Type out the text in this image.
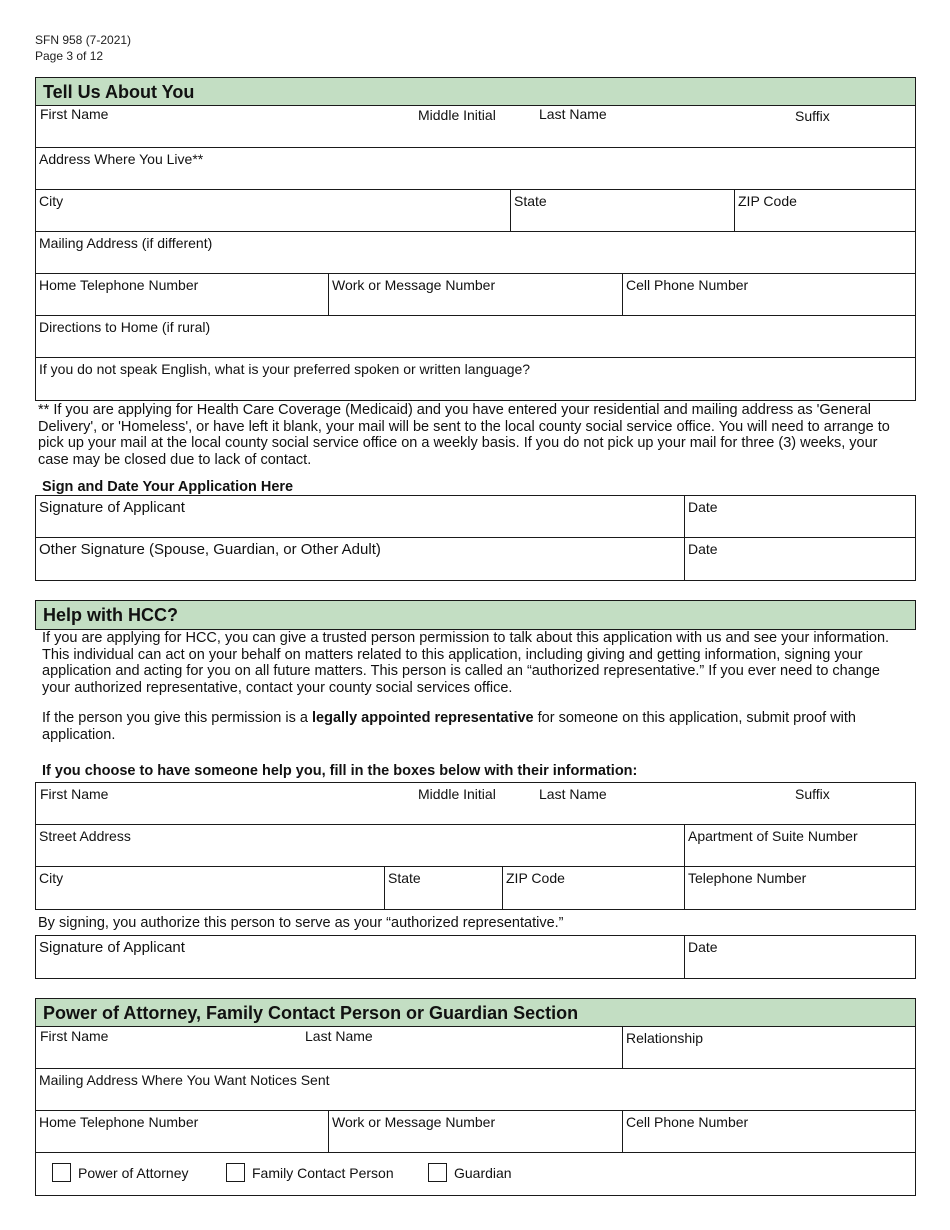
SFN 958 (7-2021)
Page 3 of 12
Tell Us About You
First Name	Middle Initial	Last Name	Suffix
Address Where You Live**
City	State	ZIP Code
Mailing Address (if different)
Home Telephone Number	Work or Message Number	Cell Phone Number
Directions to Home (if rural)
If you do not speak English, what is your preferred spoken or written language?
** If you are applying for Health Care Coverage (Medicaid) and you have entered your residential and mailing address as 'General Delivery', or 'Homeless', or have left it blank, your mail will be sent to the local county social service office. You will need to arrange to pick up your mail at the local county social service office on a weekly basis. If you do not pick up your mail for three (3) weeks, your case may be closed due to lack of contact.
Sign and Date Your Application Here
Signature of Applicant	Date
Other Signature (Spouse, Guardian, or Other Adult)	Date
Help with HCC?
If you are applying for HCC, you can give a trusted person permission to talk about this application with us and see your information. This individual can act on your behalf on matters related to this application, including giving and getting information, signing your application and acting for you on all future matters. This person is called an “authorized representative.” If you ever need to change your authorized representative, contact your county social services office.
If the person you give this permission is a legally appointed representative for someone on this application, submit proof with application.
If you choose to have someone help you, fill in the boxes below with their information:
First Name	Middle Initial	Last Name	Suffix
Street Address	Apartment of Suite Number
City	State	ZIP Code	Telephone Number
By signing, you authorize this person to serve as your “authorized representative.”
Signature of Applicant	Date
Power of Attorney, Family Contact Person or Guardian Section
First Name	Last Name	Relationship
Mailing Address Where You Want Notices Sent
Home Telephone Number	Work or Message Number	Cell Phone Number
Power of Attorney	Family Contact Person	Guardian
